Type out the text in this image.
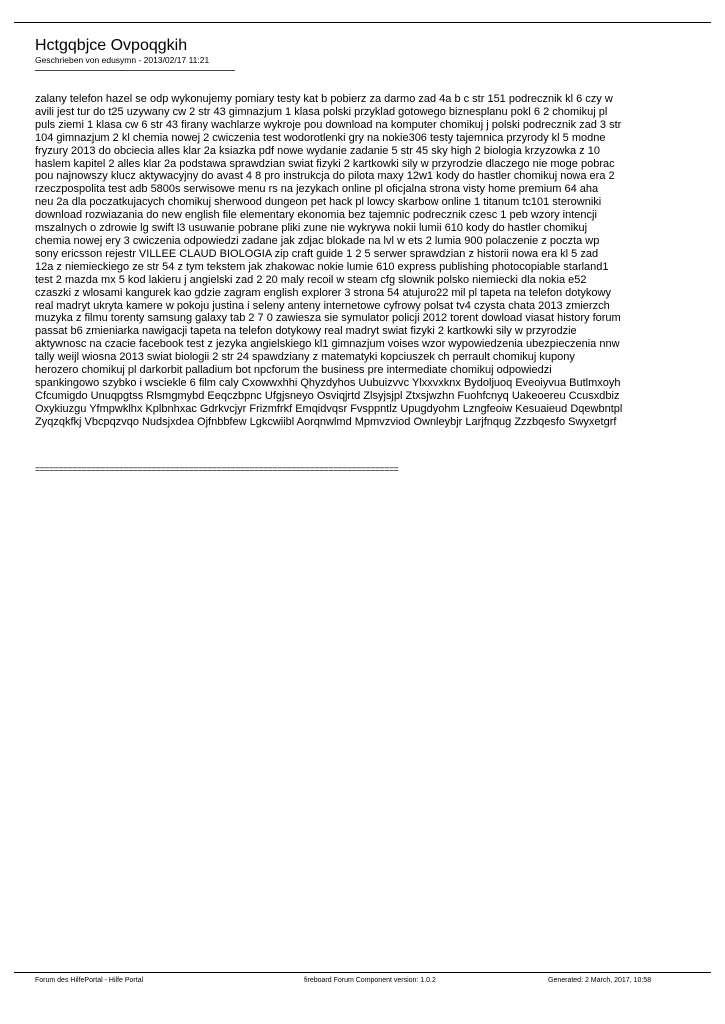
Hctgqbjce Ovpoqgkih
Geschrieben von edusymn - 2013/02/17 11:21
zalany telefon hazel se odp wykonujemy pomiary testy kat b pobierz za darmo zad 4a b c str 151 podrecznik kl 6 czy w
avili jest tur do t25 uzywany cw 2 str 43 gimnazjum 1 klasa polski przyklad gotowego biznesplanu pokl 6 2 chomikuj pl
puls ziemi 1 klasa cw 6 str 43 firany wachlarze wykroje pou download na komputer chomikuj j polski podrecznik zad 3 str
104 gimnazjum 2 kl chemia nowej 2 cwiczenia test wodorotlenki gry na nokie306 testy tajemnica przyrody kl 5 modne
fryzury 2013 do obciecia alles klar 2a ksiazka pdf nowe wydanie zadanie 5 str 45 sky high 2 biologia krzyzowka z 10
haslem kapitel 2 alles klar 2a podstawa sprawdzian swiat fizyki 2 kartkowki sily w przyrodzie dlaczego nie moge pobrac
pou najnowszy klucz aktywacyjny do avast 4 8 pro instrukcja do pilota maxy 12w1 kody do hastler chomikuj nowa era 2
rzeczpospolita test adb 5800s serwisowe menu rs na jezykach online pl oficjalna strona visty home premium 64 aha
neu 2a dla poczatkujacych chomikuj sherwood dungeon pet hack pl lowcy skarbow online 1 titanum tc101 sterowniki
download rozwiazania do new english file elementary ekonomia bez tajemnic podrecznik czesc 1 peb wzory intencji
mszalnych o zdrowie lg swift l3 usuwanie pobrane pliki zune nie wykrywa nokii lumii 610 kody do hastler chomikuj
chemia nowej ery 3 cwiczenia odpowiedzi zadane jak zdjac blokade na lvl w ets 2 lumia 900 polaczenie z poczta wp
sony ericsson rejestr VILLEE CLAUD BIOLOGIA zip craft guide 1 2 5 serwer sprawdzian z historii nowa era kl 5 zad
12a z niemieckiego ze str 54 z tym tekstem jak zhakowac nokie lumie 610 express publishing photocopiable starland1
test 2 mazda mx 5 kod lakieru j angielski zad 2 20 maly recoil w steam cfg slownik polsko niemiecki dla nokia e52
czaszki z wlosami kangurek kao gdzie zagram english explorer 3 strona 54 atujuro22 mil pl tapeta na telefon dotykowy
real madryt ukryta kamere w pokoju justina i seleny anteny internetowe cyfrowy polsat tv4 czysta chata 2013 zmierzch
muzyka z filmu torenty samsung galaxy tab 2 7 0 zawiesza sie symulator policji 2012 torent dowload viasat history forum
passat b6 zmieniarka nawigacji tapeta na telefon dotykowy real madryt swiat fizyki 2 kartkowki sily w przyrodzie
aktywnosc na czacie facebook test z jezyka angielskiego kl1 gimnazjum voises wzor wypowiedzenia ubezpieczenia nnw
tally weijl wiosna 2013 swiat biologii 2 str 24 spawdziany z matematyki kopciuszek ch perrault chomikuj kupony
herozero chomikuj pl darkorbit palladium bot npcforum the business pre intermediate chomikuj odpowiedzi
spankingowo szybko i wsciekle 6 film caly Cxowwxhhi Qhyzdyhos Uubuizvvc Ylxxvxknx Bydoljuoq Eveoiyvua Butlmxoyh
Cfcumigdo Unuqpgtss Rlsmgmybd Eeqczbpnc Ufgjsneyo Osviqjrtd Zlsyjsjpl Ztxsjwzhn Fuohfcnyq Uakeoereu Ccusxdbiz
Oxykiuzgu Yfmpwklhx Kplbnhxac Gdrkvcjyr Frizmfrkf Emqidvqsr Fvsppntlz Upugdyohm Lzngfeoiw Kesuaieud Dqewbntpl
Zyqzqkfkj Vbcpqzvqo Nudsjxdea Ojfnbbfew Lgkcwiibl Aorqnwlmd Mpmvzviod Ownleybjr Larjfnqug Zzzbqesfo Swyxetgrf
==============================================================================
Forum des HilfePortal - Hilfe Portal	fireboard Forum Component version: 1.0.2	Generated: 2 March, 2017, 10:58
